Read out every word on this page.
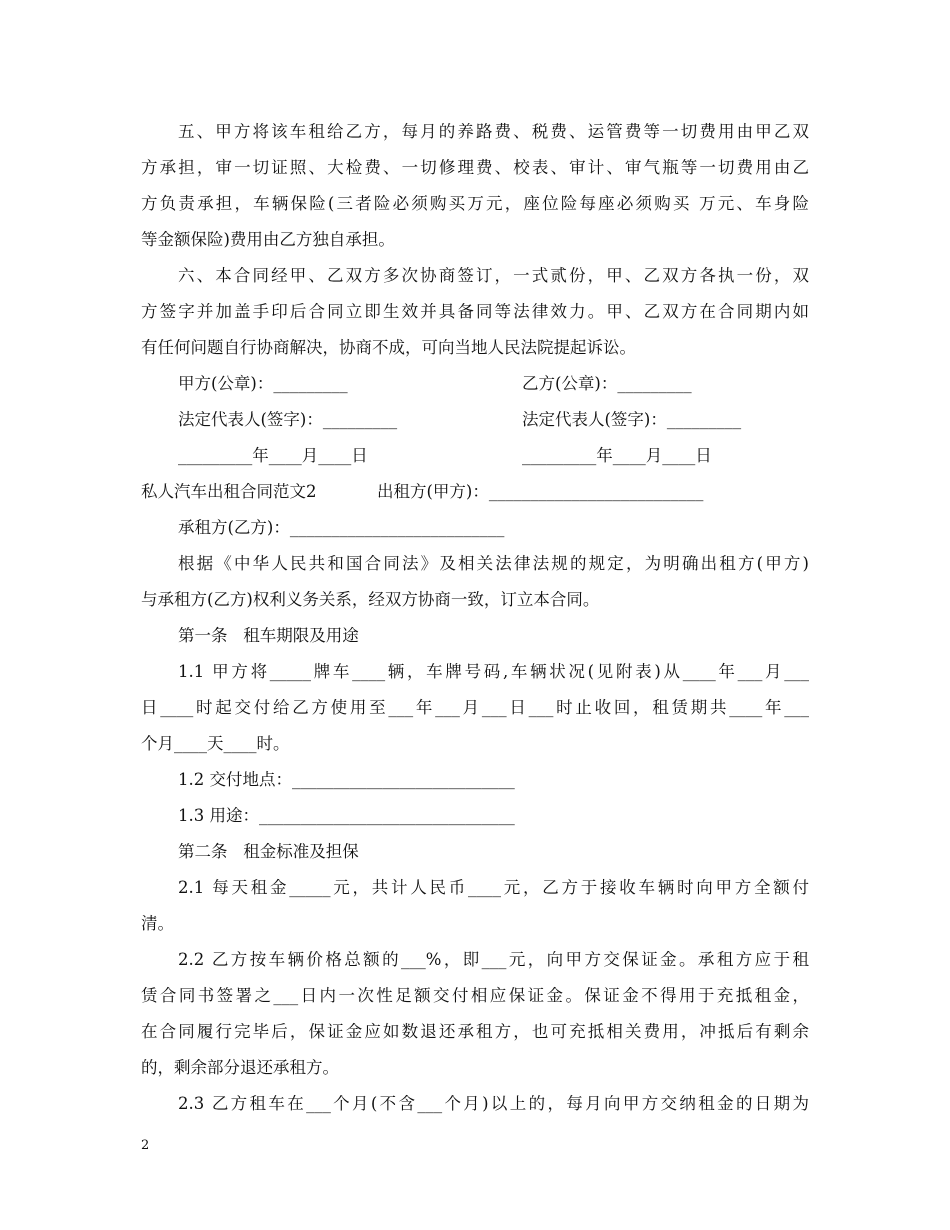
五、甲方将该车租给乙方，每月的养路费、税费、运管费等一切费用由甲乙双
方承担，审一切证照、大检费、一切修理费、校表、审计、审气瓶等一切费用由乙
方负责承担，车辆保险(三者险必须购买万元，座位险每座必须购买 万元、车身险
等金额保险)费用由乙方独自承担。
六、本合同经甲、乙双方多次协商签订，一式贰份，甲、乙双方各执一份，双
方签字并加盖手印后合同立即生效并具备同等法律效力。甲、乙双方在合同期内如
有任何问题自行协商解决，协商不成，可向当地人民法院提起诉讼。
甲方(公章)：_________	乙方(公章)：_________
法定代表人(签字)：_________	法定代表人(签字)：_________
_________年____月____日	_________年____月____日
私人汽车出租合同范文2	出租方(甲方)：__________________________
承租方(乙方)：__________________________
根据《中华人民共和国合同法》及相关法律法规的规定，为明确出租方(甲方)
与承租方(乙方)权利义务关系，经双方协商一致，订立本合同。
第一条   租车期限及用途
1.1 甲方将_____牌车____辆，车牌号码,车辆状况(见附表)从____年___月___
日____时起交付给乙方使用至___年___月___日___时止收回，租赁期共____年___
个月____天____时。
1.2 交付地点：___________________________
1.3 用途：_______________________________
第二条   租金标准及担保
2.1 每天租金_____元，共计人民币____元，乙方于接收车辆时向甲方全额付
清。
2.2 乙方按车辆价格总额的___%，即___元，向甲方交保证金。承租方应于租
赁合同书签署之___日内一次性足额交付相应保证金。保证金不得用于充抵租金，
在合同履行完毕后，保证金应如数退还承租方，也可充抵相关费用，冲抵后有剩余
的，剩余部分退还承租方。
2.3 乙方租车在___个月(不含___个月)以上的，每月向甲方交纳租金的日期为
2
